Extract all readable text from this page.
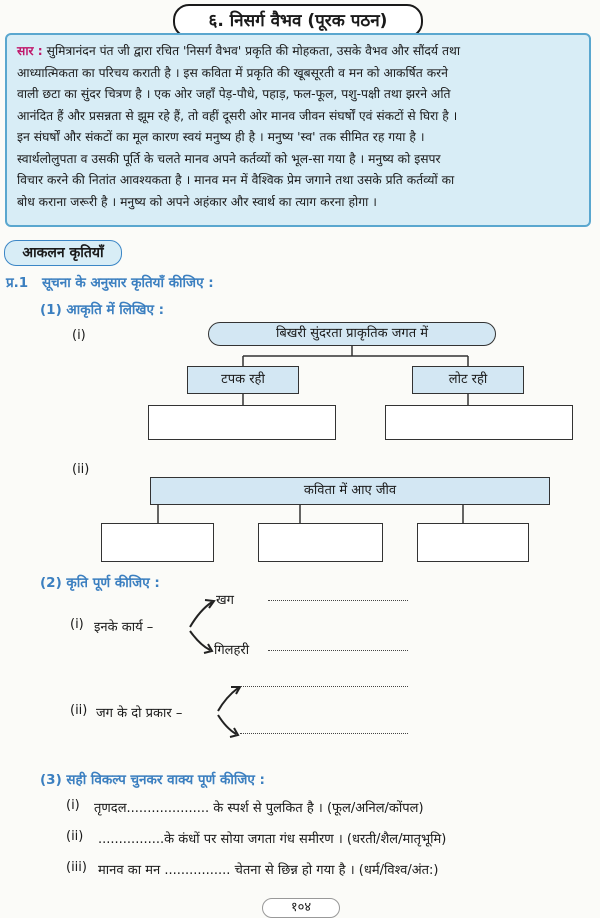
६. निसर्ग वैभव (पूरक पठन)
सार : सुमित्रानंदन पंत जी द्वारा रचित 'निसर्ग वैभव' प्रकृति की मोहकता, उसके वैभव और सौंदर्य तथा
आध्यात्मिकता का परिचय कराती है । इस कविता में प्रकृति की खूबसूरती व मन को आकर्षित करने
वाली छटा का सुंदर चित्रण है । एक ओर जहाँ पेड़-पौधे, पहाड़, फल-फूल, पशु-पक्षी तथा झरने अति
आनंदित हैं और प्रसन्नता से झूम रहे हैं, तो वहीं दूसरी ओर मानव जीवन संघर्षों एवं संकटों से घिरा है ।
इन संघर्षों और संकटों का मूल कारण स्वयं मनुष्य ही है । मनुष्य 'स्व' तक सीमित रह गया है ।
स्वार्थलोलुपता व उसकी पूर्ति के चलते मानव अपने कर्तव्यों को भूल-सा गया है । मनुष्य को इसपर
विचार करने की नितांत आवश्यकता है । मानव मन में वैश्विक प्रेम जगाने तथा उसके प्रति कर्तव्यों का
बोध कराना जरूरी है । मनुष्य को अपने अहंकार और स्वार्थ का त्याग करना होगा ।
आकलन कृतियाँ
प्र.1 सूचना के अनुसार कृतियाँ कीजिए :
(1) आकृति में लिखिए :
(i)	बिखरी सुंदरता प्राकृतिक जगत में
टपक रही	लोट रही
(ii)
कविता में आए जीव
(2) कृति पूर्ण कीजिए :
(i) इनके कार्य –
खग
गिलहरी
(ii) जग के दो प्रकार –
(3) सही विकल्प चुनकर वाक्य पूर्ण कीजिए :
(i) तृणदल.................... के स्पर्श से पुलकित है । (फूल/अनिल/कोंपल)
(ii) ................के कंधों पर सोया जगता गंध समीरण । (धरती/शैल/मातृभूमि)
(iii) मानव का मन ................ चेतना से छिन्न हो गया है । (धर्म/विश्व/अंत:)
१०४
